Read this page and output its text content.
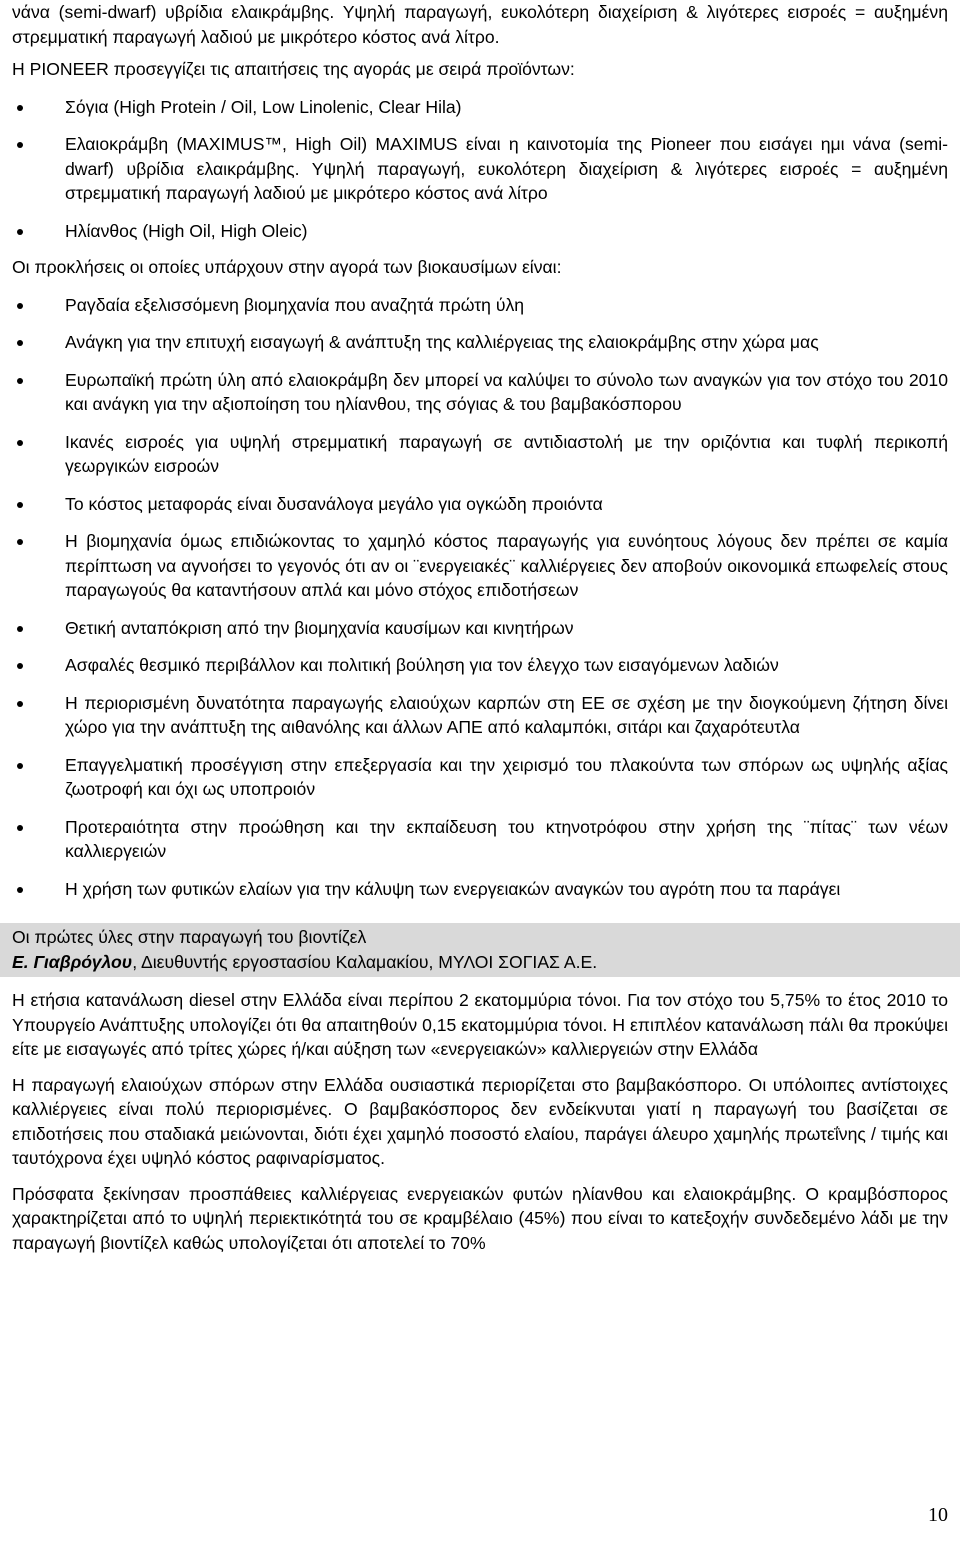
νάνα (semi-dwarf) υβρίδια ελαικράμβης. Υψηλή παραγωγή, ευκολότερη διαχείριση & λιγότερες εισροές = αυξημένη στρεμματική παραγωγή λαδιού με μικρότερο κόστος ανά λίτρο.

Η PIONEER προσεγγίζει τις απαιτήσεις της αγοράς με σειρά προϊόντων:

Σόγια (High Protein / Oil, Low Linolenic, Clear Hila)
Ελαιοκράμβη (MAXIMUS™, High Oil) MAXIMUS είναι η καινοτομία της Pioneer που εισάγει ημι νάνα (semi-dwarf) υβρίδια ελαικράμβης. Υψηλή παραγωγή, ευκολότερη διαχείριση & λιγότερες εισροές = αυξημένη στρεμματική παραγωγή λαδιού με μικρότερο κόστος ανά λίτρο
Ηλίανθος (High Oil, High Oleic)

Οι προκλήσεις οι οποίες υπάρχουν στην αγορά των βιοκαυσίμων είναι:

Ραγδαία εξελισσόμενη βιομηχανία που αναζητά πρώτη ύλη
Ανάγκη για την επιτυχή εισαγωγή & ανάπτυξη της καλλιέργειας της ελαιοκράμβης στην χώρα μας
Ευρωπαϊκή πρώτη ύλη από ελαιοκράμβη δεν μπορεί να καλύψει το σύνολο των αναγκών για τον στόχο του 2010 και ανάγκη για την αξιοποίηση του ηλίανθου, της σόγιας & του βαμβακόσπορου
Ικανές εισροές για υψηλή στρεμματική παραγωγή σε αντιδιαστολή με την οριζόντια και τυφλή περικοπή γεωργικών εισροών
Το κόστος μεταφοράς είναι δυσανάλογα μεγάλο για ογκώδη προιόντα
Η βιομηχανία όμως επιδιώκοντας το χαμηλό κόστος παραγωγής για ευνόητους λόγους δεν πρέπει σε καμία περίπτωση να αγνοήσει το γεγονός ότι αν οι ¨ενεργειακές¨ καλλιέργειες δεν αποβούν οικονομικά επωφελείς στους παραγωγούς θα καταντήσουν απλά και μόνο στόχος επιδοτήσεων
Θετική ανταπόκριση από την βιομηχανία καυσίμων και κινητήρων
Ασφαλές θεσμικό περιβάλλον και πολιτική βούληση για τον έλεγχο των εισαγόμενων λαδιών
Η περιορισμένη δυνατότητα παραγωγής ελαιούχων καρπών στη ΕΕ σε σχέση με την διογκούμενη ζήτηση δίνει χώρο για την ανάπτυξη της αιθανόλης και άλλων ΑΠΕ από καλαμπόκι, σιτάρι και ζαχαρότευτλα
Επαγγελματική προσέγγιση στην επεξεργασία και την χειρισμό του πλακούντα των σπόρων ως υψηλής αξίας ζωοτροφή και όχι ως υποπροιόν
Προτεραιότητα στην προώθηση και την εκπαίδευση του κτηνοτρόφου στην χρήση της ¨πίτας¨ των νέων καλλιεργειών
Η χρήση των φυτικών ελαίων για την κάλυψη των ενεργειακών αναγκών του αγρότη που τα παράγει

Οι πρώτες ύλες στην παραγωγή του βιοντίζελ

Ε. Γιαβρόγλου, Διευθυντής εργοστασίου Καλαμακίου, ΜΥΛΟΙ ΣΟΓΙΑΣ Α.Ε.

Η ετήσια κατανάλωση diesel στην Ελλάδα είναι περίπου 2 εκατομμύρια τόνοι. Για τον στόχο του 5,75% το έτος 2010 το Υπουργείο Ανάπτυξης υπολογίζει ότι θα απαιτηθούν 0,15 εκατομμύρια τόνοι. Η επιπλέον κατανάλωση πάλι θα προκύψει είτε με εισαγωγές από τρίτες χώρες ή/και αύξηση των «ενεργειακών» καλλιεργειών στην Ελλάδα

Η παραγωγή ελαιούχων σπόρων στην Ελλάδα ουσιαστικά περιορίζεται στο βαμβακόσπορο. Οι υπόλοιπες αντίστοιχες καλλιέργειες είναι πολύ περιορισμένες. Ο βαμβακόσπορος δεν ενδείκνυται γιατί η παραγωγή του βασίζεται σε επιδοτήσεις που σταδιακά μειώνονται, διότι έχει χαμηλό ποσοστό ελαίου, παράγει άλευρο χαμηλής πρωτεΐνης / τιμής και ταυτόχρονα έχει υψηλό κόστος ραφιναρίσματος.

Πρόσφατα ξεκίνησαν προσπάθειες καλλιέργειας ενεργειακών φυτών ηλίανθου και ελαιοκράμβης. Ο κραμβόσπορος χαρακτηρίζεται από το υψηλή περιεκτικότητά του σε κραμβέλαιο (45%) που είναι το κατεξοχήν συνδεδεμένο λάδι με την παραγωγή βιοντίζελ καθώς υπολογίζεται ότι αποτελεί το 70%

10
